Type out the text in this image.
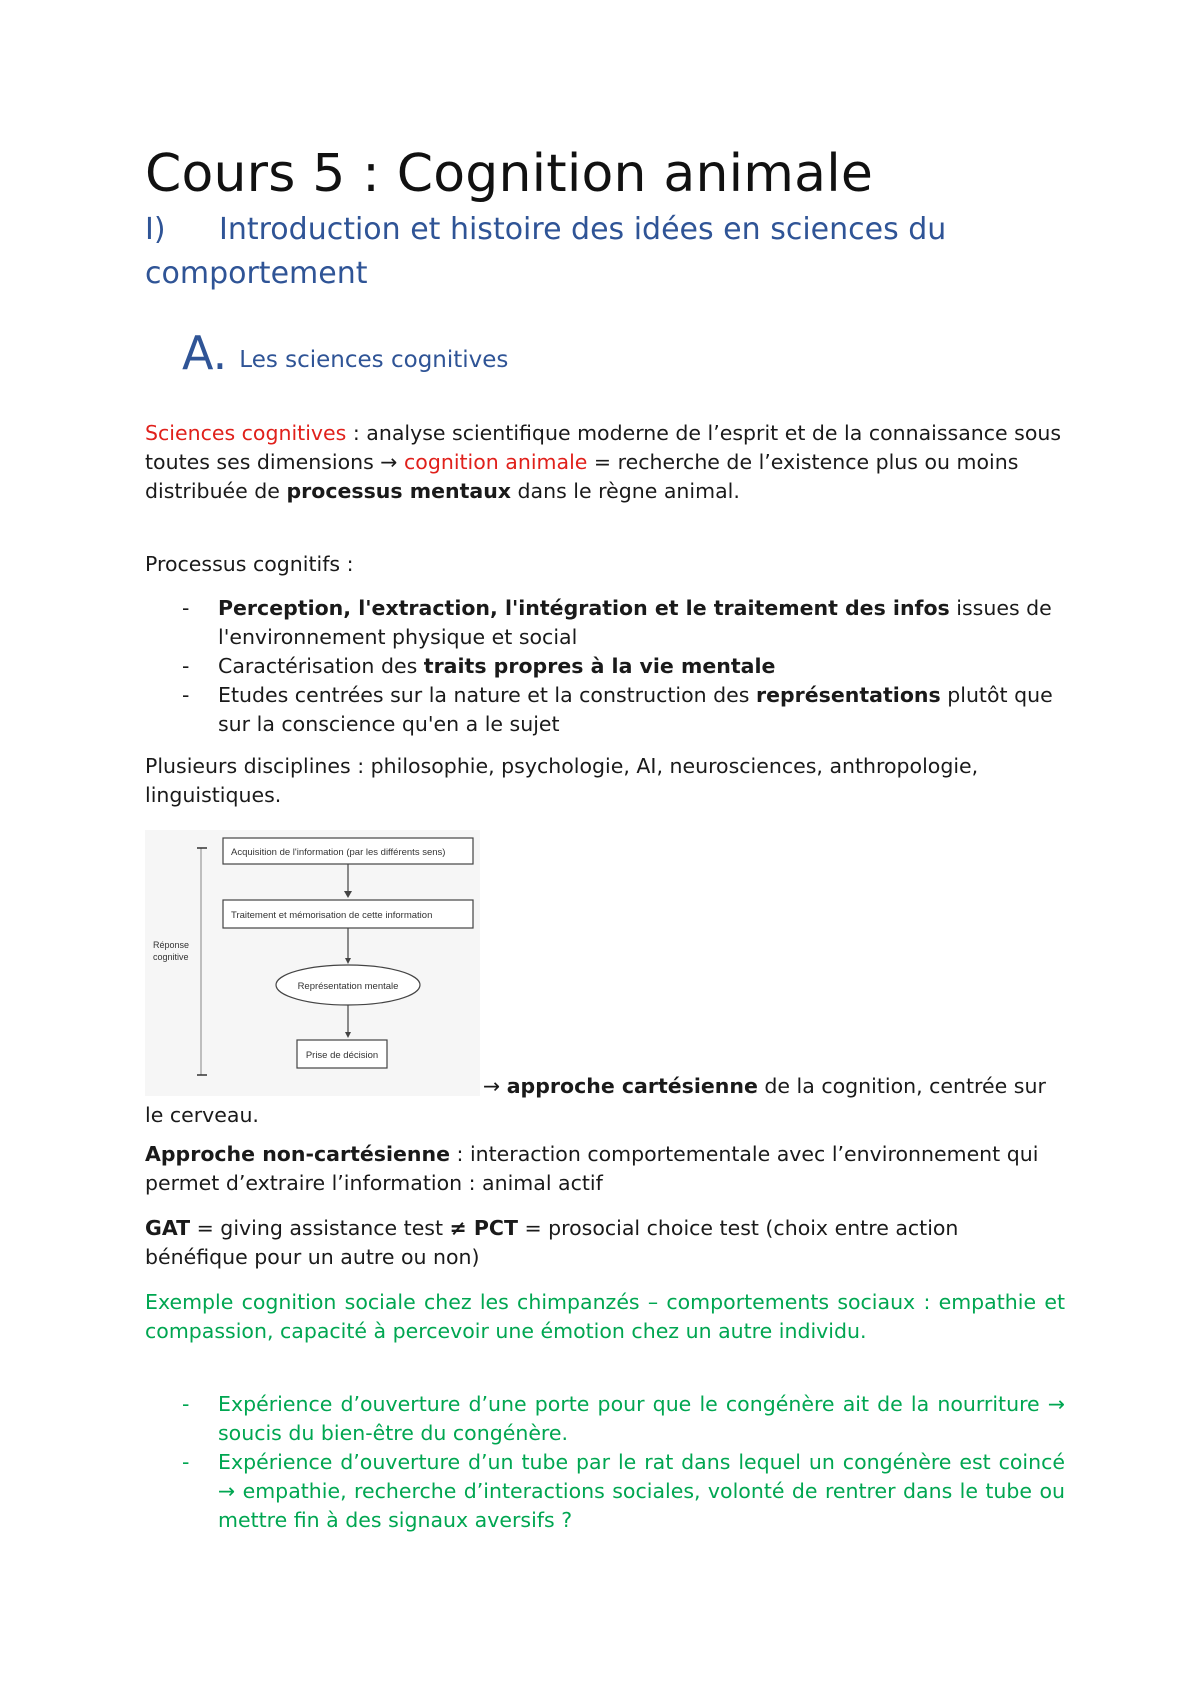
Cours 5 : Cognition animale
I) Introduction et histoire des idées en sciences du comportement
A. Les sciences cognitives

Sciences cognitives : analyse scientifique moderne de l’esprit et de la connaissance sous toutes ses dimensions → cognition animale = recherche de l’existence plus ou moins distribuée de processus mentaux dans le règne animal.

Processus cognitifs :

- Perception, l'extraction, l'intégration et le traitement des infos issues de l'environnement physique et social
- Caractérisation des traits propres à la vie mentale
- Etudes centrées sur la nature et la construction des représentations plutôt que sur la conscience qu'en a le sujet

Plusieurs disciplines : philosophie, psychologie, AI, neurosciences, anthropologie, linguistiques.

Réponse
cognitive
Acquisition de l'information (par les différents sens)
Traitement et mémorisation de cette information
Représentation mentale
Prise de décision

→ approche cartésienne de la cognition, centrée sur le cerveau.

Approche non-cartésienne : interaction comportementale avec l’environnement qui permet d’extraire l’information : animal actif

GAT = giving assistance test ≠ PCT = prosocial choice test (choix entre action bénéfique pour un autre ou non)

Exemple cognition sociale chez les chimpanzés – comportements sociaux : empathie et compassion, capacité à percevoir une émotion chez un autre individu.

- Expérience d’ouverture d’une porte pour que le congénère ait de la nourriture → soucis du bien-être du congénère.
- Expérience d’ouverture d’un tube par le rat dans lequel un congénère est coincé → empathie, recherche d’interactions sociales, volonté de rentrer dans le tube ou mettre fin à des signaux aversifs ?
